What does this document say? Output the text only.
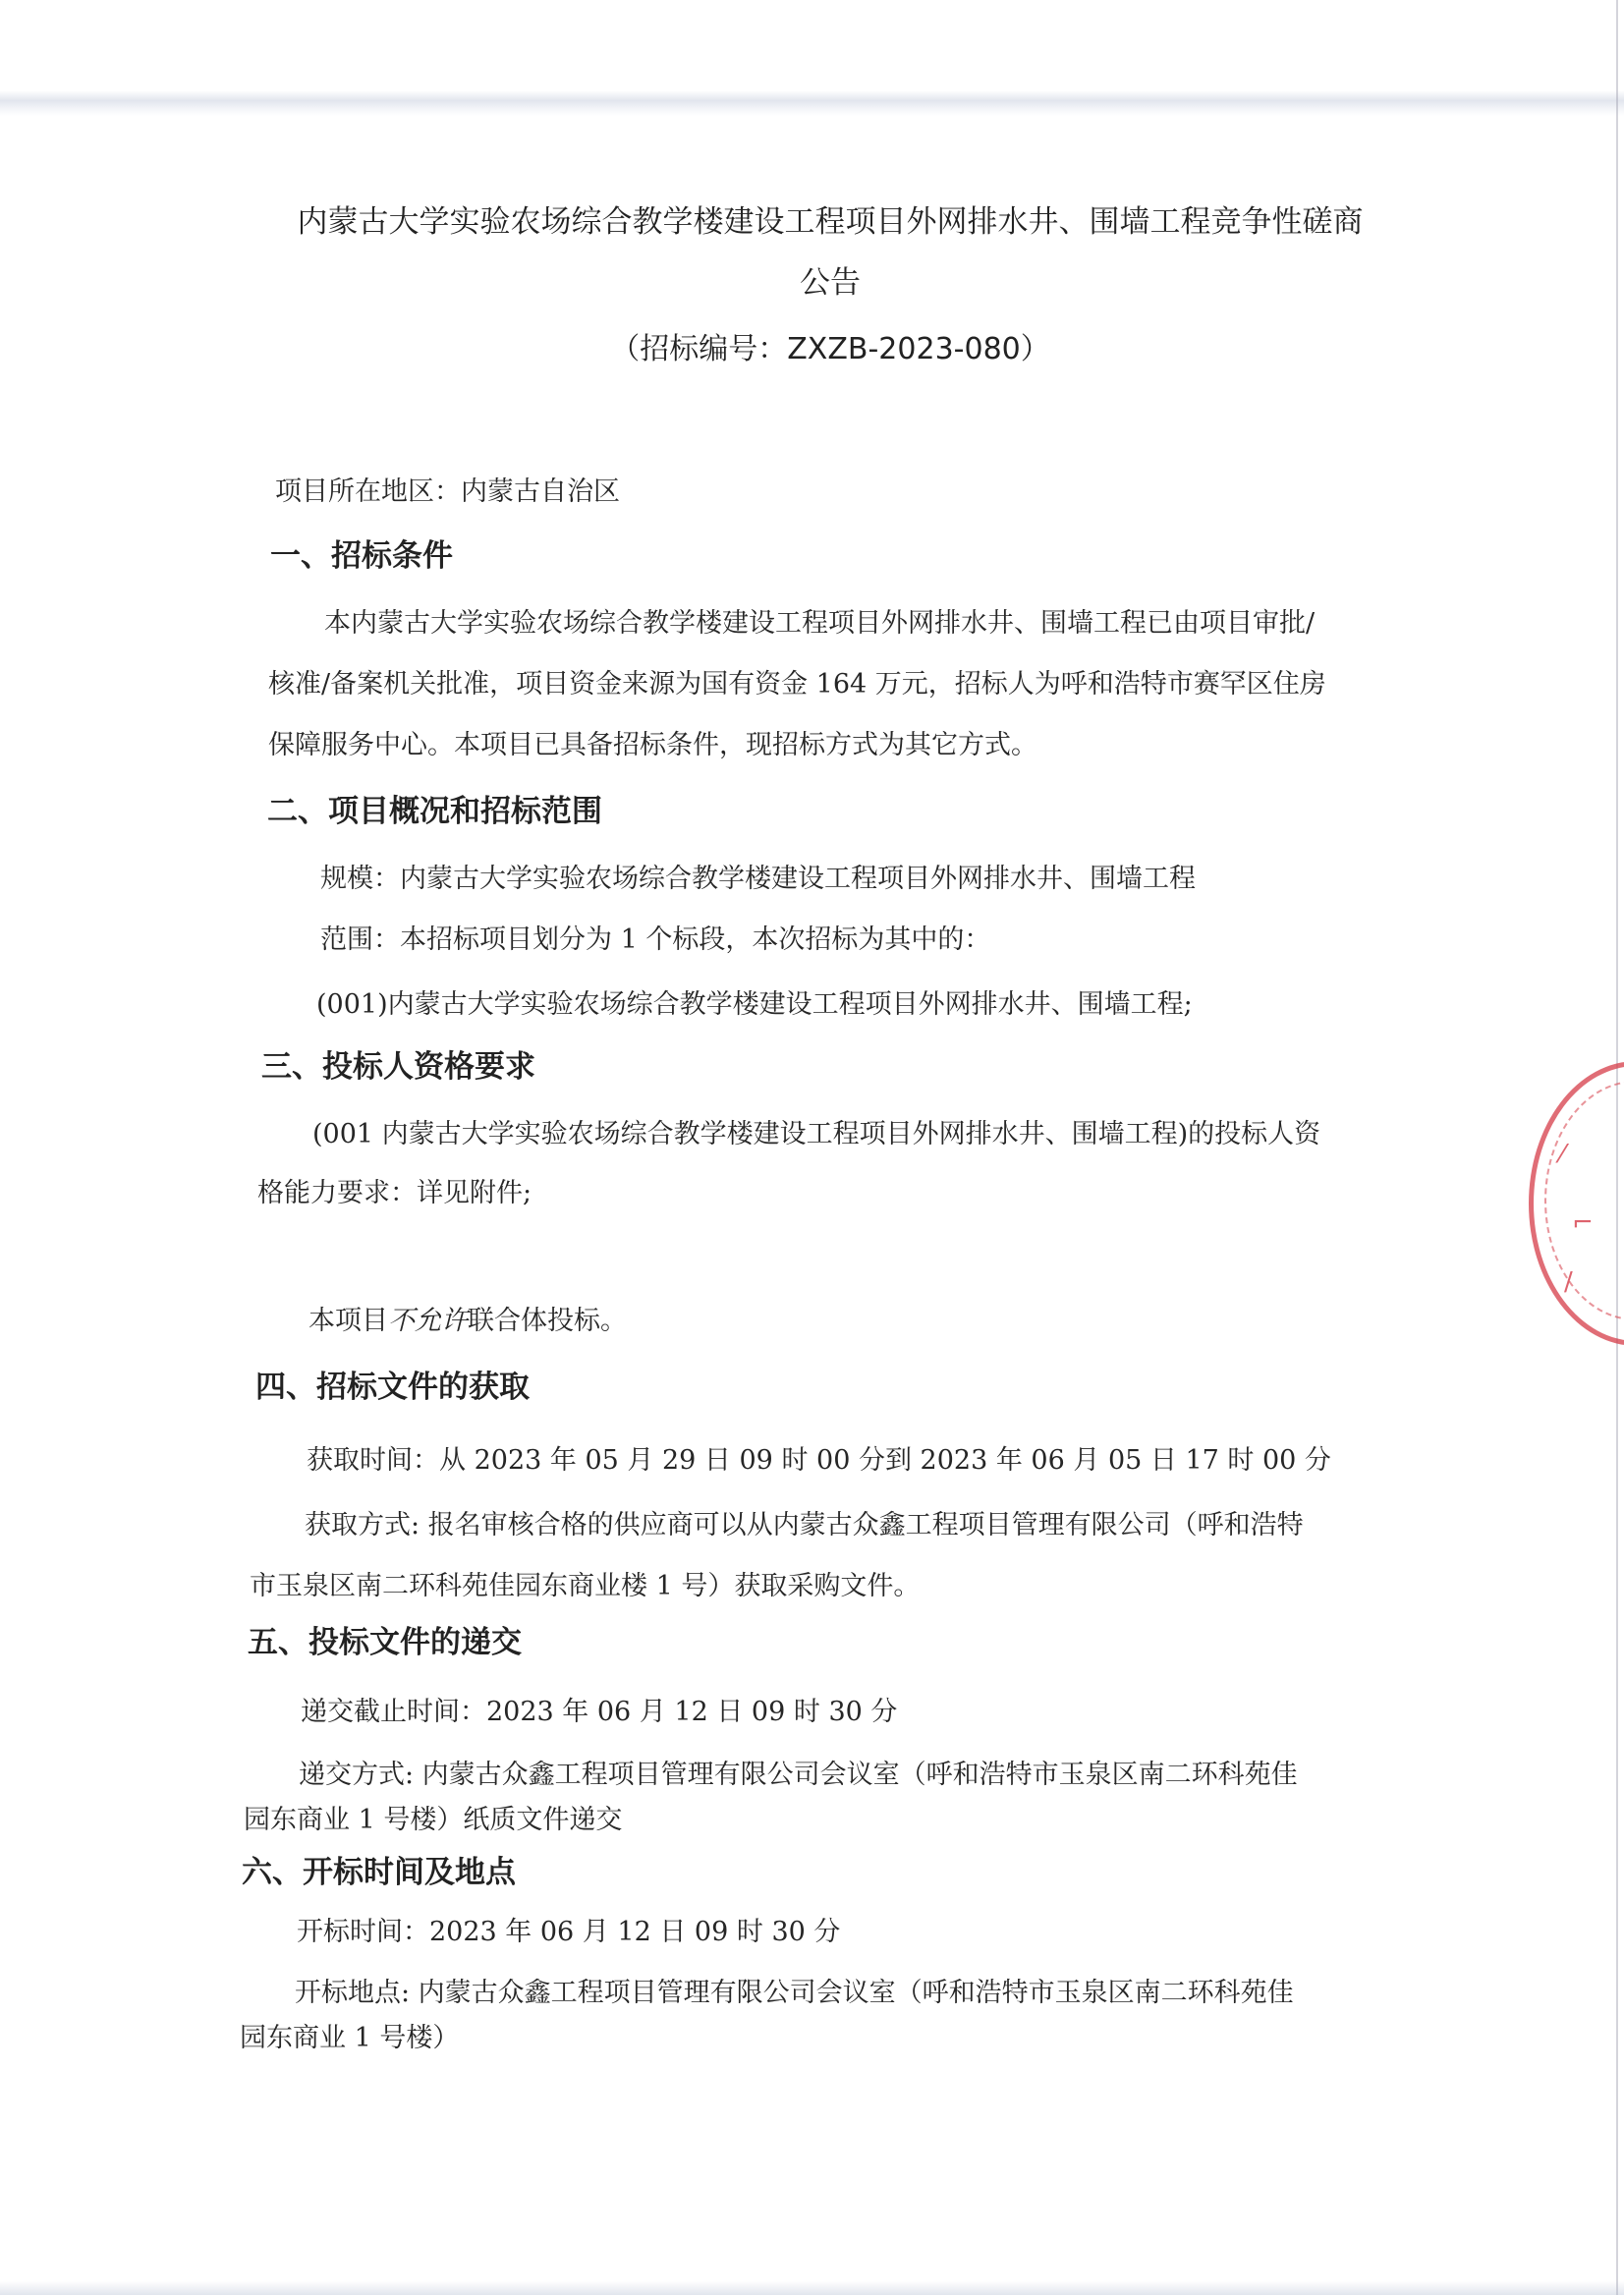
内蒙古大学实验农场综合教学楼建设工程项目外网排水井、围墙工程竞争性磋商
公告
（招标编号：ZXZB-2023-080）
项目所在地区：内蒙古自治区
一、招标条件
本内蒙古大学实验农场综合教学楼建设工程项目外网排水井、围墙工程已由项目审批/
核准/备案机关批准，项目资金来源为国有资金 164 万元，招标人为呼和浩特市赛罕区住房
保障服务中心。本项目已具备招标条件，现招标方式为其它方式。
二、项目概况和招标范围
规模：内蒙古大学实验农场综合教学楼建设工程项目外网排水井、围墙工程
范围：本招标项目划分为 1 个标段，本次招标为其中的：
(001)内蒙古大学实验农场综合教学楼建设工程项目外网排水井、围墙工程;
三、投标人资格要求
(001 内蒙古大学实验农场综合教学楼建设工程项目外网排水井、围墙工程)的投标人资
格能力要求：详见附件;
本项目不允许联合体投标。
四、招标文件的获取
获取时间：从 2023 年 05 月 29 日 09 时 00 分到 2023 年 06 月 05 日 17 时 00 分
获取方式: 报名审核合格的供应商可以从内蒙古众鑫工程项目管理有限公司（呼和浩特
市玉泉区南二环科苑佳园东商业楼 1 号）获取采购文件。
五、投标文件的递交
递交截止时间：2023 年 06 月 12 日 09 时 30 分
递交方式: 内蒙古众鑫工程项目管理有限公司会议室（呼和浩特市玉泉区南二环科苑佳
园东商业 1 号楼）纸质文件递交
六、开标时间及地点
开标时间：2023 年 06 月 12 日 09 时 30 分
开标地点: 内蒙古众鑫工程项目管理有限公司会议室（呼和浩特市玉泉区南二环科苑佳
园东商业 1 号楼）
⁄
⌐
∕
